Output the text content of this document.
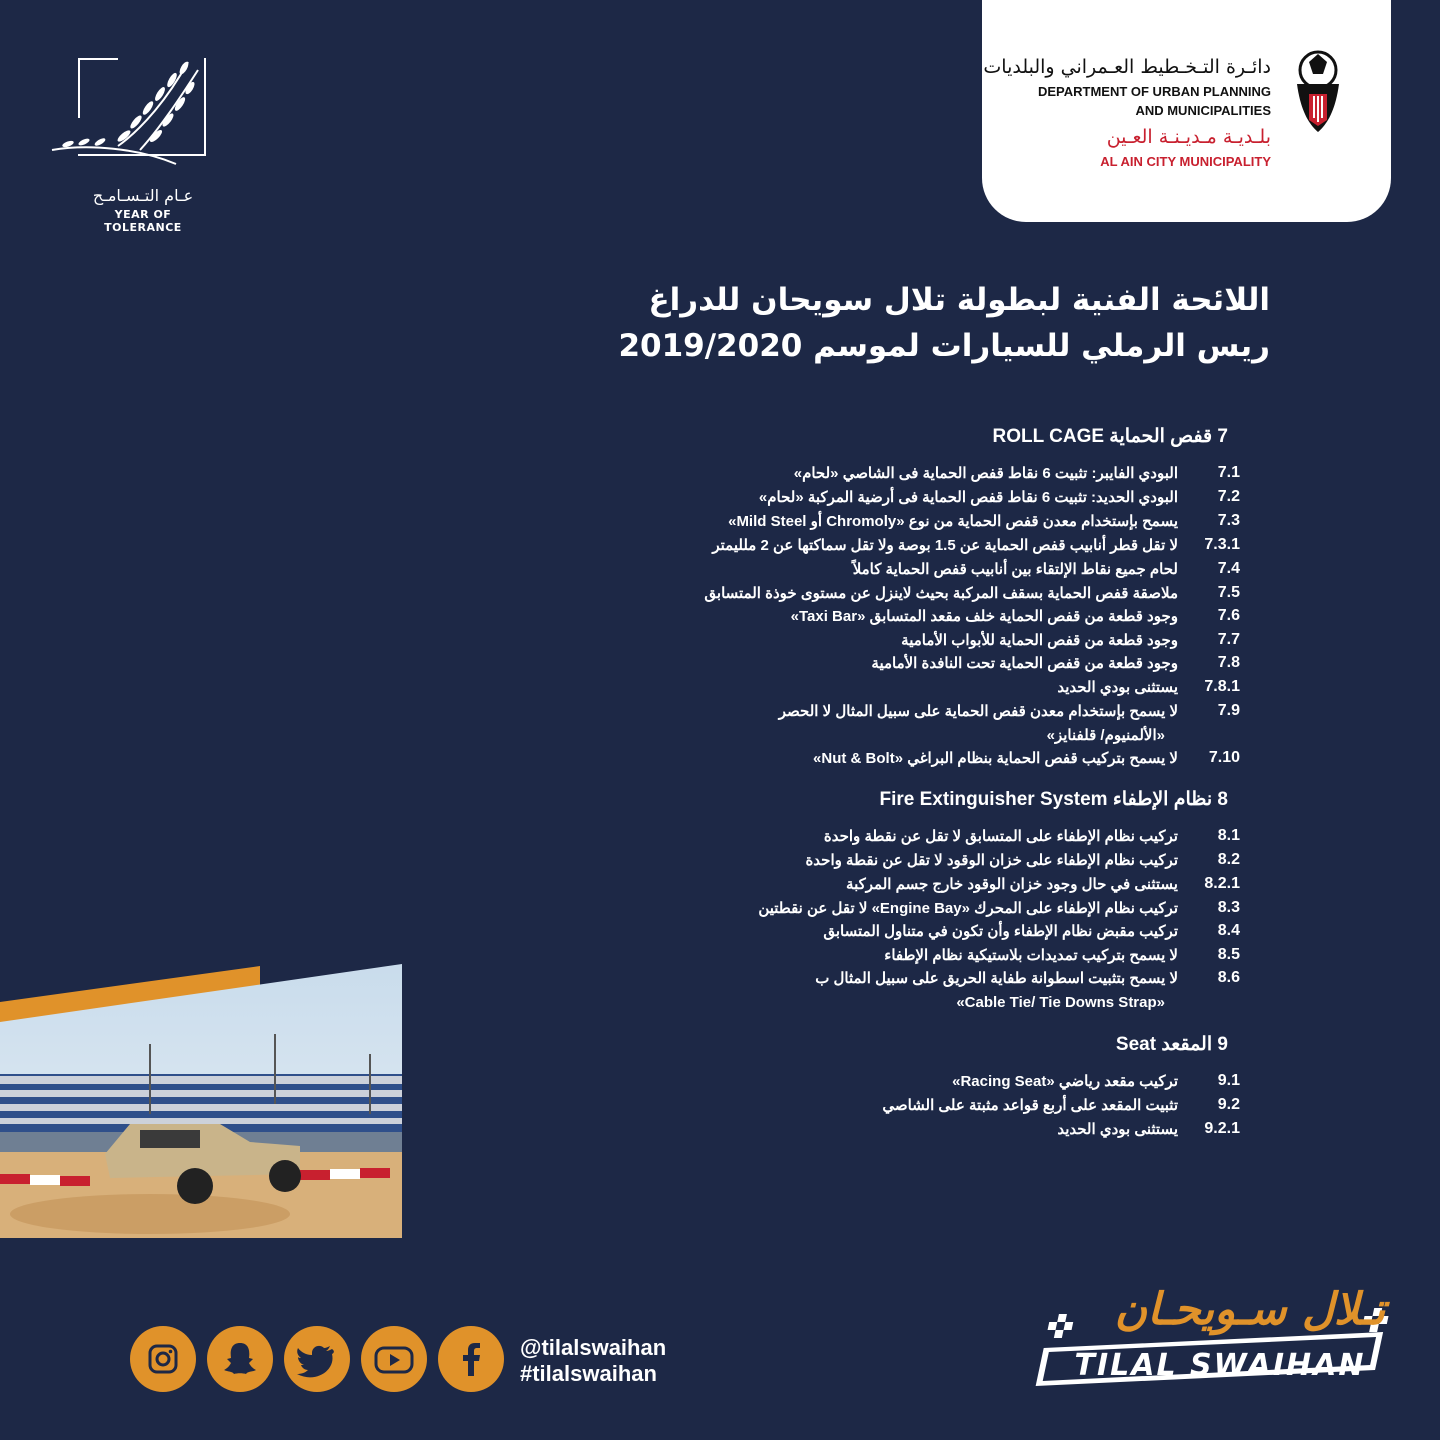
عـام التـسـامـح
YEAR OF TOLERANCE
دائـرة التـخـطيط العـمراني والبلديات
DEPARTMENT OF URBAN PLANNING
AND MUNICIPALITIES
بلـديـة مـديـنـة العـين
AL AIN CITY MUNICIPALITY
اللائحة الفنية لبطولة تلال سويحان للدراغ
ريس الرملي للسيارات لموسم 2019/2020
7 قفص الحماية ROLL CAGE
7.1
البودي الفايبر: تثبيت 6 نقاط قفص الحماية فى الشاصي «لحام»
7.2
البودي الحديد: تثبيت 6 نقاط قفص الحماية فى أرضية المركبة «لحام»
7.3
يسمح بإستخدام معدن قفص الحماية من نوع «Chromoly أو Mild Steel»
7.3.1
لا تقل قطر أنابيب قفص الحماية عن 1.5 بوصة ولا تقل سماكتها عن 2 ملليمتر
7.4
لحام جميع نقاط الإلتقاء بين أنابيب قفص الحماية كاملاً
7.5
ملاصقة قفص الحماية بسقف المركبة بحيث لاينزل عن مستوى خوذة المتسابق
7.6
وجود قطعة من قفص الحماية خلف مقعد المتسابق «Taxi Bar»
7.7
وجود قطعة من قفص الحماية للأبواب الأمامية
7.8
وجود قطعة من قفص الحماية تحت النافدة الأمامية
7.8.1
يستثنى بودي الحديد
7.9
لا يسمح بإستخدام معدن قفص الحماية على سبيل المثال لا الحصر
«الألمنيوم/ قلفنايز»
7.10
لا يسمح بتركيب قفص الحماية بنظام البراغي «Nut & Bolt»
8 نظام الإطفاء Fire Extinguisher System
8.1
تركيب نظام الإطفاء على المتسابق لا تقل عن نقطة واحدة
8.2
تركيب نظام الإطفاء على خزان الوقود لا تقل عن نقطة واحدة
8.2.1
يستثنى في حال وجود خزان الوقود خارج جسم المركبة
8.3
تركيب نظام الإطفاء على المحرك «Engine Bay» لا تقل عن نقطتين
8.4
تركيب مقبض نظام الإطفاء وأن تكون في متناول المتسابق
8.5
لا يسمح بتركيب تمديدات بلاستيكية نظام الإطفاء
8.6
لا يسمح بتثبيت اسطوانة طفاية الحريق على سبيل المثال ب
«Cable Tie/ Tie Downs Strap»
9 المقعد Seat
9.1
تركيب مقعد رياضي «Racing Seat»
9.2
تثبيت المقعد على أربع قواعد مثبتة على الشاصي
9.2.1
يستثنى بودي الحديد
@tilalswaihan
#tilalswaihan
تـلال سـويحـان
TILAL SWAIHAN
